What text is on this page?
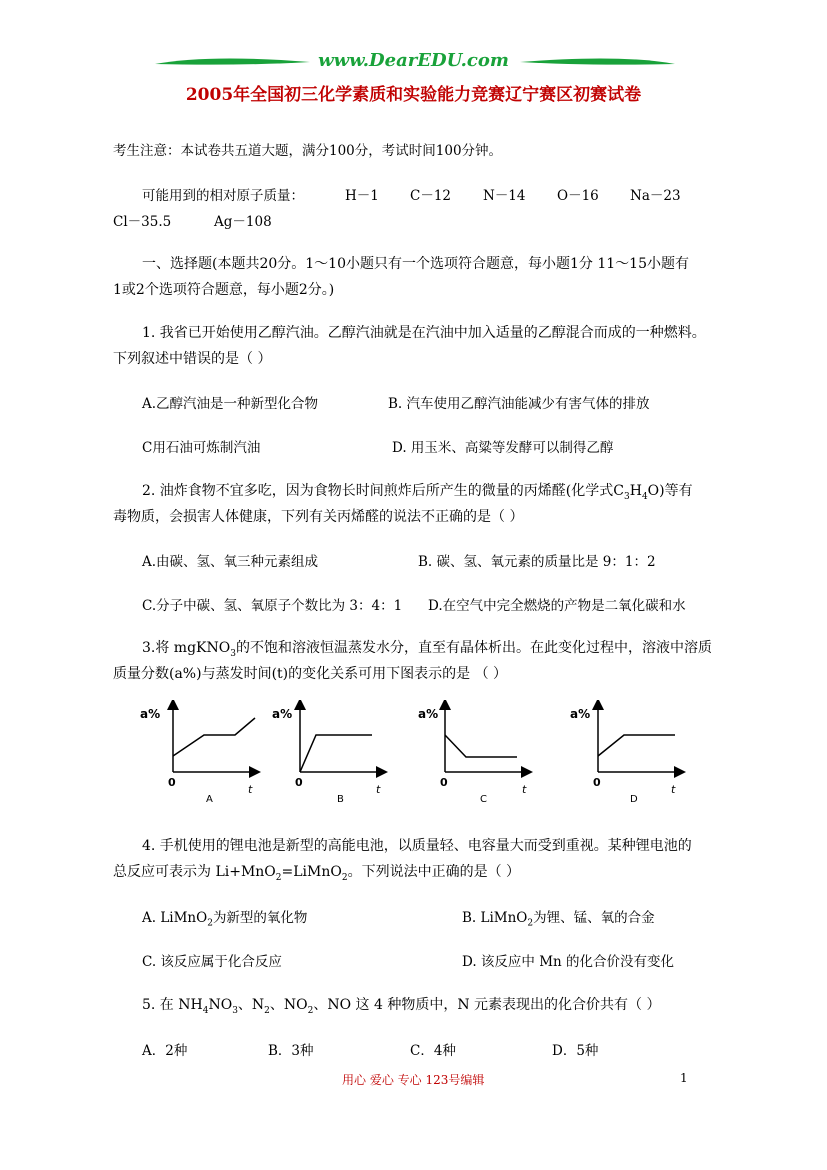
www.DearEDU.com
2005年全国初三化学素质和实验能力竞赛辽宁赛区初赛试卷
考生注意：本试卷共五道大题，满分100分，考试时间100分钟。
可能用到的相对原子质量：	H－1 C－12 N－14 O－16 Na－23
Cl－35.5	Ag－108
一、选择题(本题共20分。1～10小题只有一个选项符合题意，每小题1分 11～15小题有
1或2个选项符合题意，每小题2分。)
1. 我省已开始使用乙醇汽油。乙醇汽油就是在汽油中加入适量的乙醇混合而成的一种燃料。
下列叙述中错误的是（ ）
A.乙醇汽油是一种新型化合物	B. 汽车使用乙醇汽油能减少有害气体的排放
C用石油可炼制汽油	D. 用玉米、高粱等发酵可以制得乙醇
2. 油炸食物不宜多吃，因为食物长时间煎炸后所产生的微量的丙烯醛(化学式$C_3H_4O$)等有
毒物质，会损害人体健康，下列有关丙烯醛的说法不正确的是（ ）
A.由碳、氢、氧三种元素组成	B. 碳、氢、氧元素的质量比是 9：1：2
C.分子中碳、氢、氧原子个数比为 3：4：1 D.在空气中完全燃烧的产物是二氧化碳和水
3.将 mgKNO$_3$的不饱和溶液恒温蒸发水分，直至有晶体析出。在此变化过程中，溶液中溶质
质量分数(a%)与蒸发时间(t)的变化关系可用下图表示的是 （ ）
a%
0
t
A
a%
0
t
B
a%
0
t
C
a%
0
t
D
4. 手机使用的锂电池是新型的高能电池，以质量轻、电容量大而受到重视。某种锂电池的
总反应可表示为 Li+MnO$_2$=LiMnO$_2$。下列说法中正确的是（ ）
A. LiMnO$_2$为新型的氧化物	B. LiMnO$_2$为锂、锰、氧的合金
C. 该反应属于化合反应	D. 该反应中 Mn 的化合价没有变化
5. 在 $NH_4NO_3$、$N_2$、$NO_2$、NO 这 4 种物质中，N 元素表现出的化合价共有（ ）
A．2种	B．3种	C．4种	D．5种
用心 爱心 专心 123号编辑	1
